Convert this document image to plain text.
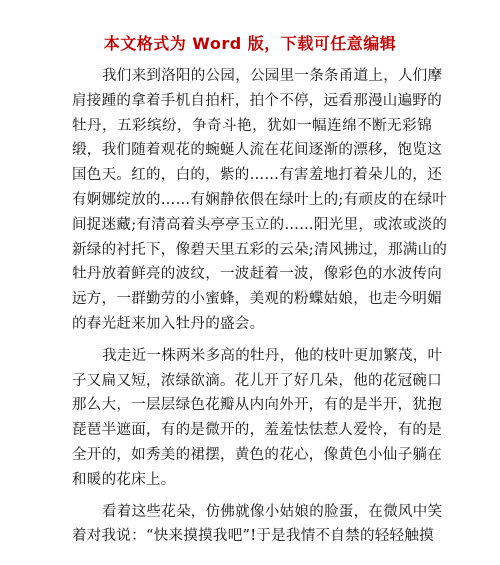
本文格式为 Word 版，下载可任意编辑
我们来到洛阳的公园，公园里一条条甬道上，人们摩
肩接踵的拿着手机自拍杆，拍个不停，远看那漫山遍野的
牡丹，五彩缤纷，争奇斗艳，犹如一幅连绵不断无彩锦
缎，我们随着观花的蜿蜒人流在花间逐渐的漂移，饱览这
国色天。红的，白的，紫的……有害羞地打着朵儿的，还
有婀娜绽放的……有娴静依偎在绿叶上的;有顽皮的在绿叶
间捉迷藏;有清高着头亭亭玉立的……阳光里，或浓或淡的
新绿的衬托下，像碧天里五彩的云朵;清风拂过，那满山的
牡丹放着鲜亮的波纹，一波赶着一波，像彩色的水波传向
远方，一群勤劳的小蜜蜂，美观的粉蝶姑娘，也走今明媚
的春光赶来加入牡丹的盛会。
我走近一株两米多高的牡丹，他的枝叶更加繁茂，叶
子又扁又短，浓绿欲滴。花儿开了好几朵，他的花冠碗口
那么大，一层层绿色花瓣从内向外开，有的是半开，犹抱
琵琶半遮面，有的是微开的，羞羞怯怯惹人爱怜，有的是
全开的，如秀美的裙摆，黄色的花心，像黄色小仙子躺在
和暖的花床上。
看着这些花朵，仿佛就像小姑娘的脸蛋，在微风中笑
着对我说：“快来摸摸我吧”!于是我情不自禁的轻轻触摸
